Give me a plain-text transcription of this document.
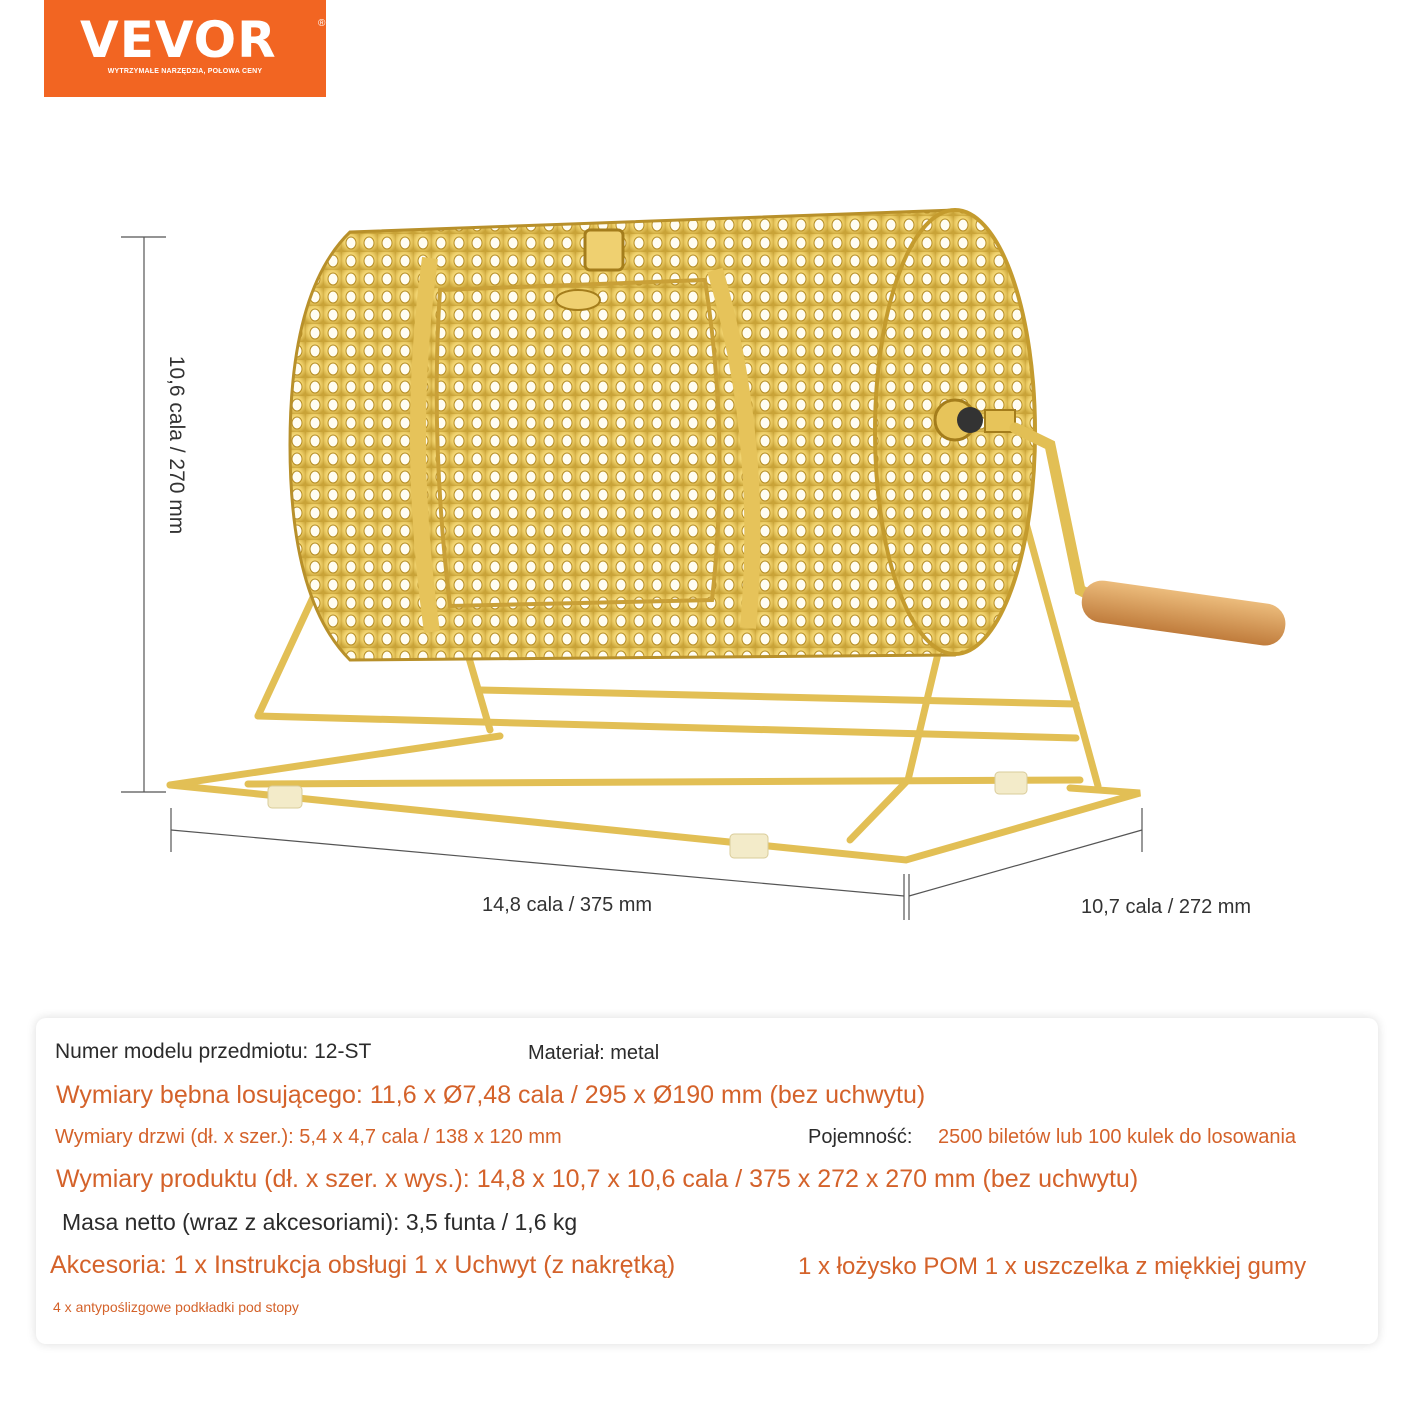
VEVOR	®
WYTRZYMAŁE NARZĘDZIA, POŁOWA CENY
10,6 cala / 270 mm
14,8 cala / 375 mm	10,7 cala / 272 mm
Numer modelu przedmiotu: 12-ST	Materiał: metal
Wymiary bębna losującego: 11,6 x Ø7,48 cala / 295 x Ø190 mm (bez uchwytu)
Wymiary drzwi (dł. x szer.): 5,4 x 4,7 cala / 138 x 120 mm	Pojemność: 2500 biletów lub 100 kulek do losowania
Wymiary produktu (dł. x szer. x wys.): 14,8 x 10,7 x 10,6 cala / 375 x 272 x 270 mm (bez uchwytu)
Masa netto (wraz z akcesoriami): 3,5 funta / 1,6 kg
Akcesoria: 1 x Instrukcja obsługi 1 x Uchwyt (z nakrętką)	1 x łożysko POM 1 x uszczelka z miękkiej gumy
4 x antypoślizgowe podkładki pod stopy
